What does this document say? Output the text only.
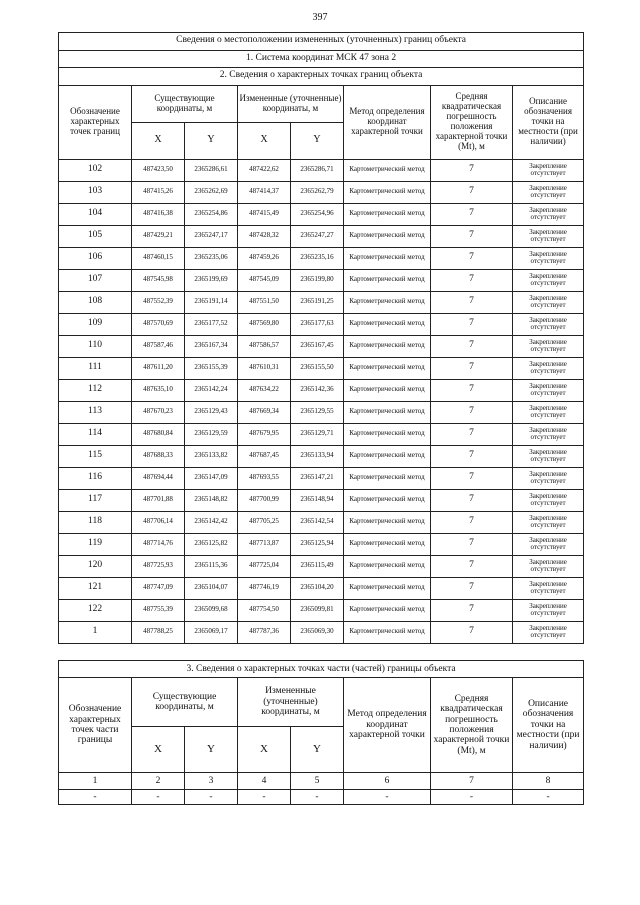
397
Сведения о местоположении измененных (уточненных) границ объекта							
1. Система координат МСК 47 зона 2							
2. Сведения о характерных точках границ объекта							
Обозначение характерных точек границ	Существующие координаты, м		Измененные (уточненные) координаты, м		Метод определения координат характерной точки	Средняя квадратическая погрешность положения характерной точки (Mt), м	Описание обозначения точки на местности (при наличии)
	X	Y	X	Y			
102	487423,50	2365286,61	487422,62	2365286,71	Картометрический метод	7	Закрепление отсутствует
103	487415,26	2365262,69	487414,37	2365262,79	Картометрический метод	7	Закрепление отсутствует
104	487416,38	2365254,86	487415,49	2365254,96	Картометрический метод	7	Закрепление отсутствует
105	487429,21	2365247,17	487428,32	2365247,27	Картометрический метод	7	Закрепление отсутствует
106	487460,15	2365235,06	487459,26	2365235,16	Картометрический метод	7	Закрепление отсутствует
107	487545,98	2365199,69	487545,09	2365199,80	Картометрический метод	7	Закрепление отсутствует
108	487552,39	2365191,14	487551,50	2365191,25	Картометрический метод	7	Закрепление отсутствует
109	487570,69	2365177,52	487569,80	2365177,63	Картометрический метод	7	Закрепление отсутствует
110	487587,46	2365167,34	487586,57	2365167,45	Картометрический метод	7	Закрепление отсутствует
111	487611,20	2365155,39	487610,31	2365155,50	Картометрический метод	7	Закрепление отсутствует
112	487635,10	2365142,24	487634,22	2365142,36	Картометрический метод	7	Закрепление отсутствует
113	487670,23	2365129,43	487669,34	2365129,55	Картометрический метод	7	Закрепление отсутствует
114	487680,84	2365129,59	487679,95	2365129,71	Картометрический метод	7	Закрепление отсутствует
115	487688,33	2365133,82	487687,45	2365133,94	Картометрический метод	7	Закрепление отсутствует
116	487694,44	2365147,09	487693,55	2365147,21	Картометрический метод	7	Закрепление отсутствует
117	487701,88	2365148,82	487700,99	2365148,94	Картометрический метод	7	Закрепление отсутствует
118	487706,14	2365142,42	487705,25	2365142,54	Картометрический метод	7	Закрепление отсутствует
119	487714,76	2365125,82	487713,87	2365125,94	Картометрический метод	7	Закрепление отсутствует
120	487725,93	2365115,36	487725,04	2365115,49	Картометрический метод	7	Закрепление отсутствует
121	487747,09	2365104,07	487746,19	2365104,20	Картометрический метод	7	Закрепление отсутствует
122	487755,39	2365099,68	487754,50	2365099,81	Картометрический метод	7	Закрепление отсутствует
1	487788,25	2365069,17	487787,36	2365069,30	Картометрический метод	7	Закрепление отсутствует
3. Сведения о характерных точках части (частей) границы объекта							
Обозначение характерных точек части границы	Существующие координаты, м		Измененные (уточненные) координаты, м		Метод определения координат характерной точки	Средняя квадратическая погрешность положения характерной точки (Mt), м	Описание обозначения точки на местности (при наличии)
	X	Y	X	Y			
1	2	3	4	5	6	7	8
-	-	-	-	-	-	-	-
